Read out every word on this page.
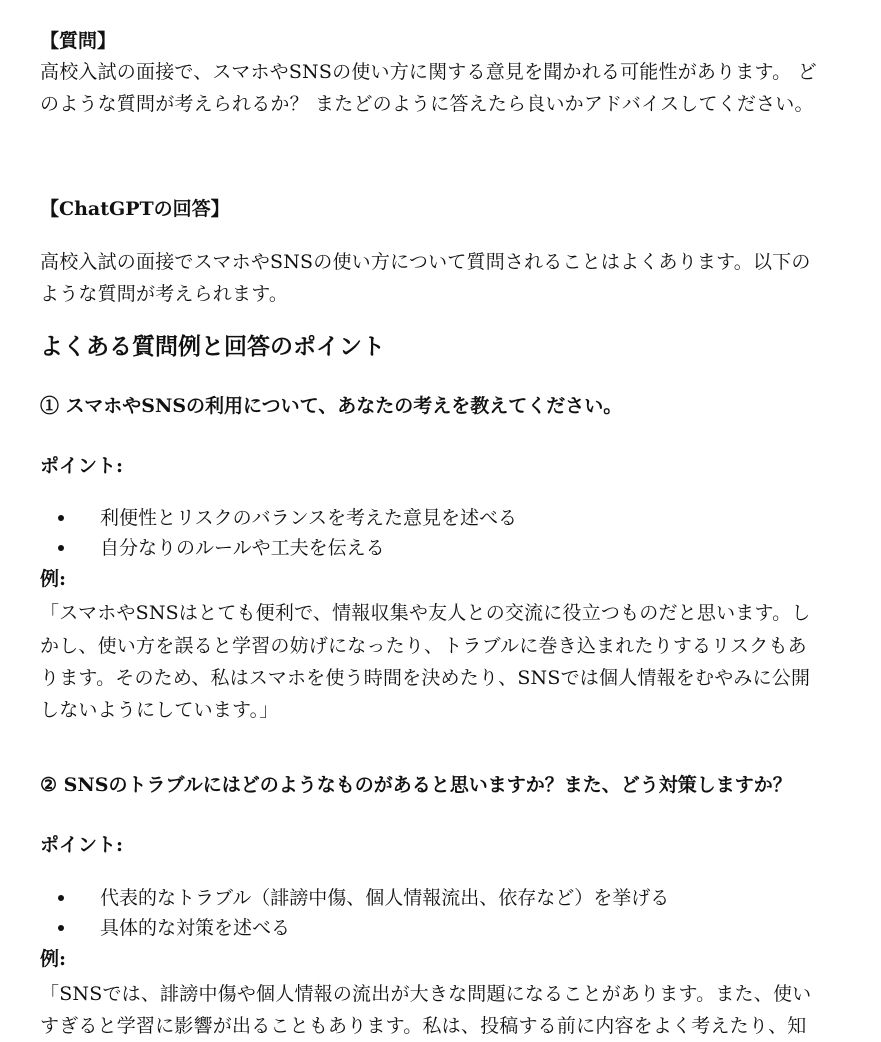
【質問】
高校入試の面接で、スマホやSNSの使い方に関する意見を聞かれる可能性があります。 ど
のような質問が考えられるか？ またどのように答えたら良いかアドバイスしてください。
【ChatGPTの回答】
高校入試の面接でスマホやSNSの使い方について質問されることはよくあります。以下の
ような質問が考えられます。
よくある質問例と回答のポイント
① スマホやSNSの利用について、あなたの考えを教えてください。
ポイント:
利便性とリスクのバランスを考えた意見を述べる
自分なりのルールや工夫を伝える
例:
「スマホやSNSはとても便利で、情報収集や友人との交流に役立つものだと思います。し
かし、使い方を誤ると学習の妨げになったり、トラブルに巻き込まれたりするリスクもあ
ります。そのため、私はスマホを使う時間を決めたり、SNSでは個人情報をむやみに公開
しないようにしています。」
② SNSのトラブルにはどのようなものがあると思いますか？また、どう対策しますか？
ポイント:
代表的なトラブル（誹謗中傷、個人情報流出、依存など）を挙げる
具体的な対策を述べる
例:
「SNSでは、誹謗中傷や個人情報の流出が大きな問題になることがあります。また、使い
すぎると学習に影響が出ることもあります。私は、投稿する前に内容をよく考えたり、知
